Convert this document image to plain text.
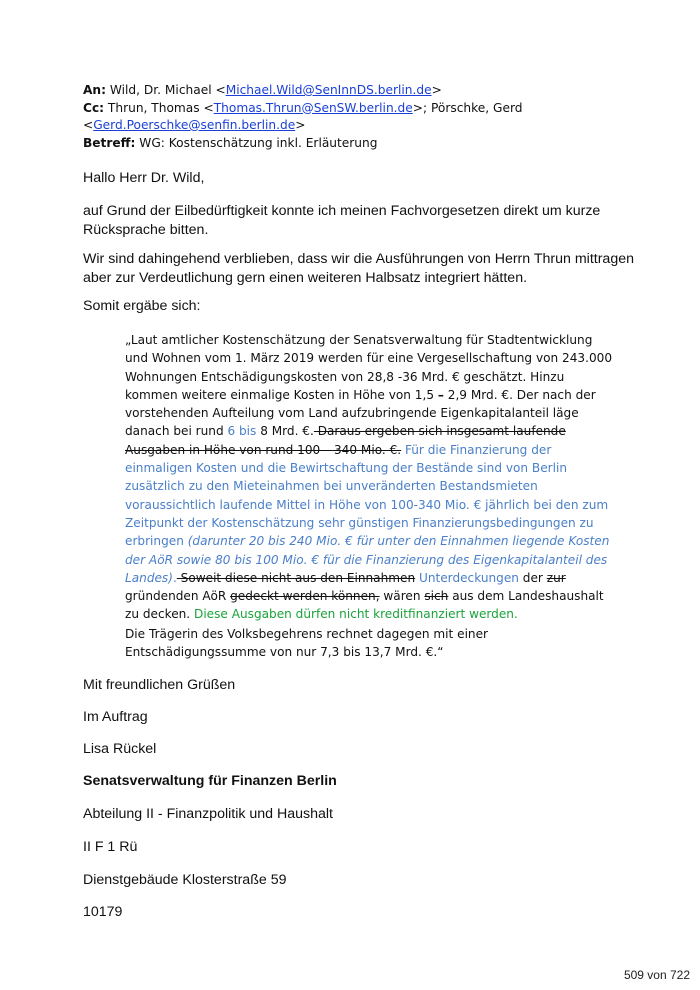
An: Wild, Dr. Michael <Michael.Wild@SenInnDS.berlin.de>
Cc: Thrun, Thomas <Thomas.Thrun@SenSW.berlin.de>; Pörschke, Gerd
<Gerd.Poerschke@senfin.berlin.de>
Betreff: WG: Kostenschätzung inkl. Erläuterung

Hallo Herr Dr. Wild,

auf Grund der Eilbedürftigkeit konnte ich meinen Fachvorgesetzen direkt um kurze Rücksprache bitten.

Wir sind dahingehend verblieben, dass wir die Ausführungen von Herrn Thrun mittragen aber zur Verdeutlichung gern einen weiteren Halbsatz integriert hätten.

Somit ergäbe sich:

„Laut amtlicher Kostenschätzung der Senatsverwaltung für Stadtentwicklung und Wohnen vom 1. März 2019 werden für eine Vergesellschaftung von 243.000 Wohnungen Entschädigungskosten von 28,8 -36 Mrd. € geschätzt. Hinzu kommen weitere einmalige Kosten in Höhe von 1,5 – 2,9 Mrd. €. Der nach der vorstehenden Aufteilung vom Land aufzubringende Eigenkapitalanteil läge danach bei rund 6 bis 8 Mrd. €. Daraus ergeben sich insgesamt laufende Ausgaben in Höhe von rund 100 – 340 Mio. €. Für die Finanzierung der einmaligen Kosten und die Bewirtschaftung der Bestände sind von Berlin zusätzlich zu den Mieteinahmen bei unveränderten Bestandsmieten voraussichtlich laufende Mittel in Höhe von 100-340 Mio. € jährlich bei den zum Zeitpunkt der Kostenschätzung sehr günstigen Finanzierungsbedingungen zu erbringen (darunter 20 bis 240 Mio. € für unter den Einnahmen liegende Kosten der AöR sowie 80 bis 100 Mio. € für die Finanzierung des Eigenkapitalanteil des Landes). Soweit diese nicht aus den Einnahmen Unterdeckungen der zur gründenden AöR gedeckt werden können, wären sich aus dem Landeshaushalt zu decken. Diese Ausgaben dürfen nicht kreditfinanziert werden.

Die Trägerin des Volksbegehrens rechnet dagegen mit einer Entschädigungssumme von nur 7,3 bis 13,7 Mrd. €.“

Mit freundlichen Grüßen

Im Auftrag

Lisa Rückel

Senatsverwaltung für Finanzen Berlin

Abteilung II - Finanzpolitik und Haushalt

II F 1 Rü

Dienstgebäude Klosterstraße 59

10179

509 von 722
